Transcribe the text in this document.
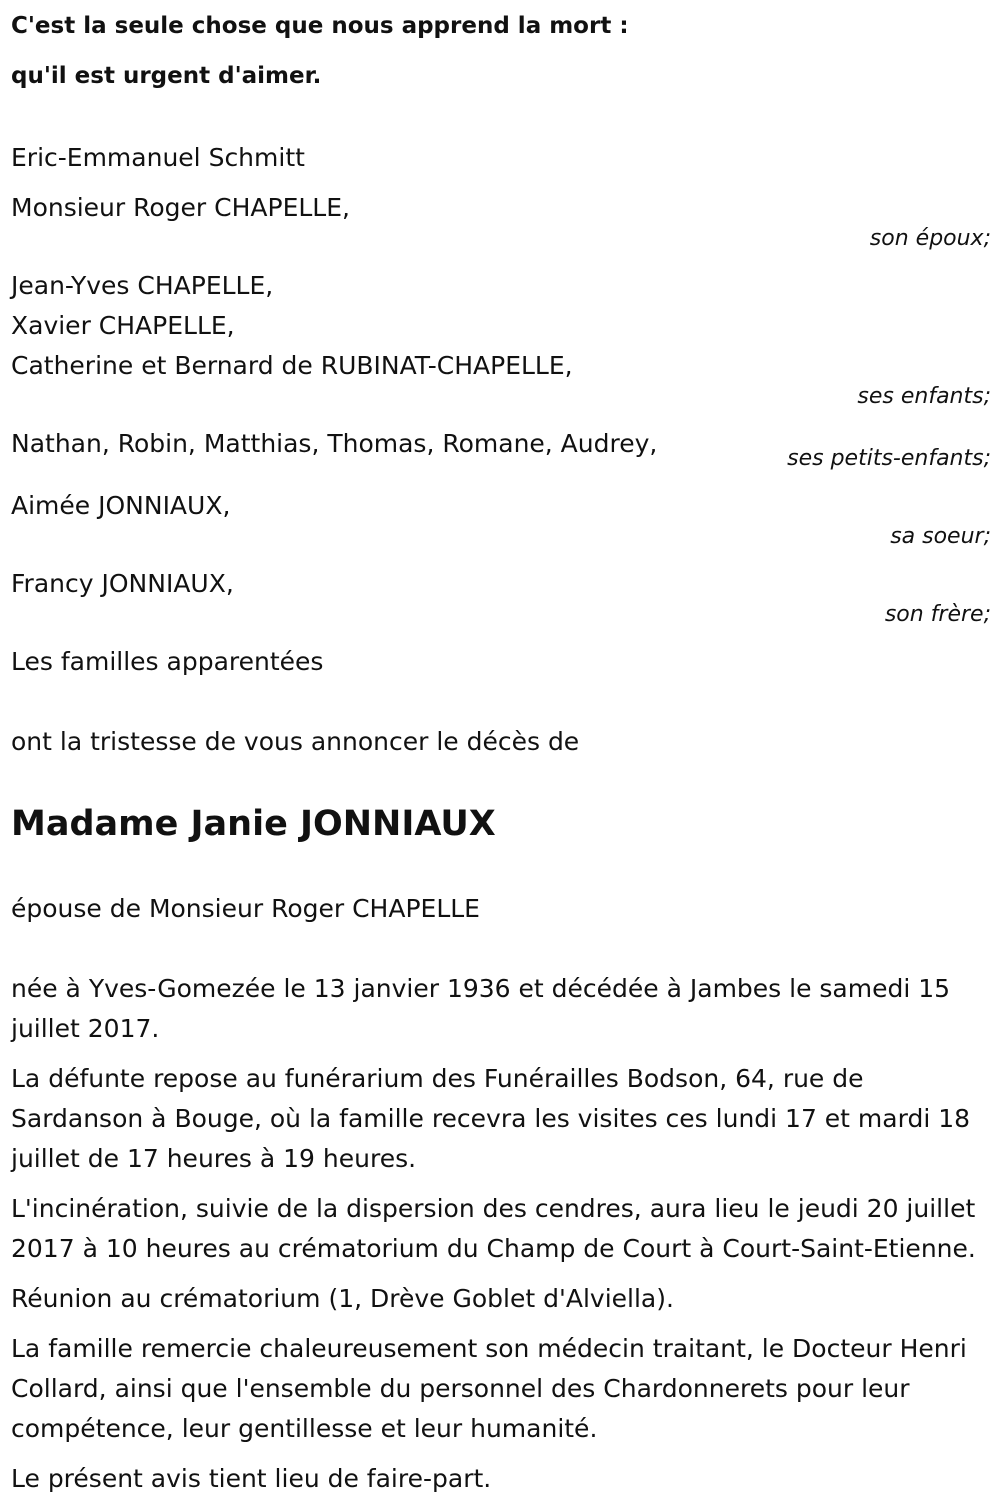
C'est la seule chose que nous apprend la mort :
qu'il est urgent d'aimer.
Eric-Emmanuel Schmitt
Monsieur Roger CHAPELLE,
son époux;
Jean-Yves CHAPELLE,
Xavier CHAPELLE,
Catherine et Bernard de RUBINAT-CHAPELLE,
ses enfants;
Nathan, Robin, Matthias, Thomas, Romane, Audrey,
ses petits-enfants;
Aimée JONNIAUX,
sa soeur;
Francy JONNIAUX,
son frère;
Les familles apparentées
ont la tristesse de vous annoncer le décès de
Madame Janie JONNIAUX
épouse de Monsieur Roger CHAPELLE

née à Yves-Gomezée le 13 janvier 1936 et décédée à Jambes le samedi 15 juillet 2017.

La défunte repose au funérarium des Funérailles Bodson, 64, rue de Sardanson à Bouge, où la famille recevra les visites ces lundi 17 et mardi 18 juillet de 17 heures à 19 heures.

L'incinération, suivie de la dispersion des cendres, aura lieu le jeudi 20 juillet 2017 à 10 heures au crématorium du Champ de Court à Court-Saint-Etienne.

Réunion au crématorium (1, Drève Goblet d'Alviella).

La famille remercie chaleureusement son médecin traitant, le Docteur Henri Collard, ainsi que l'ensemble du personnel des Chardonnerets pour leur compétence, leur gentillesse et leur humanité.

Le présent avis tient lieu de faire-part.
